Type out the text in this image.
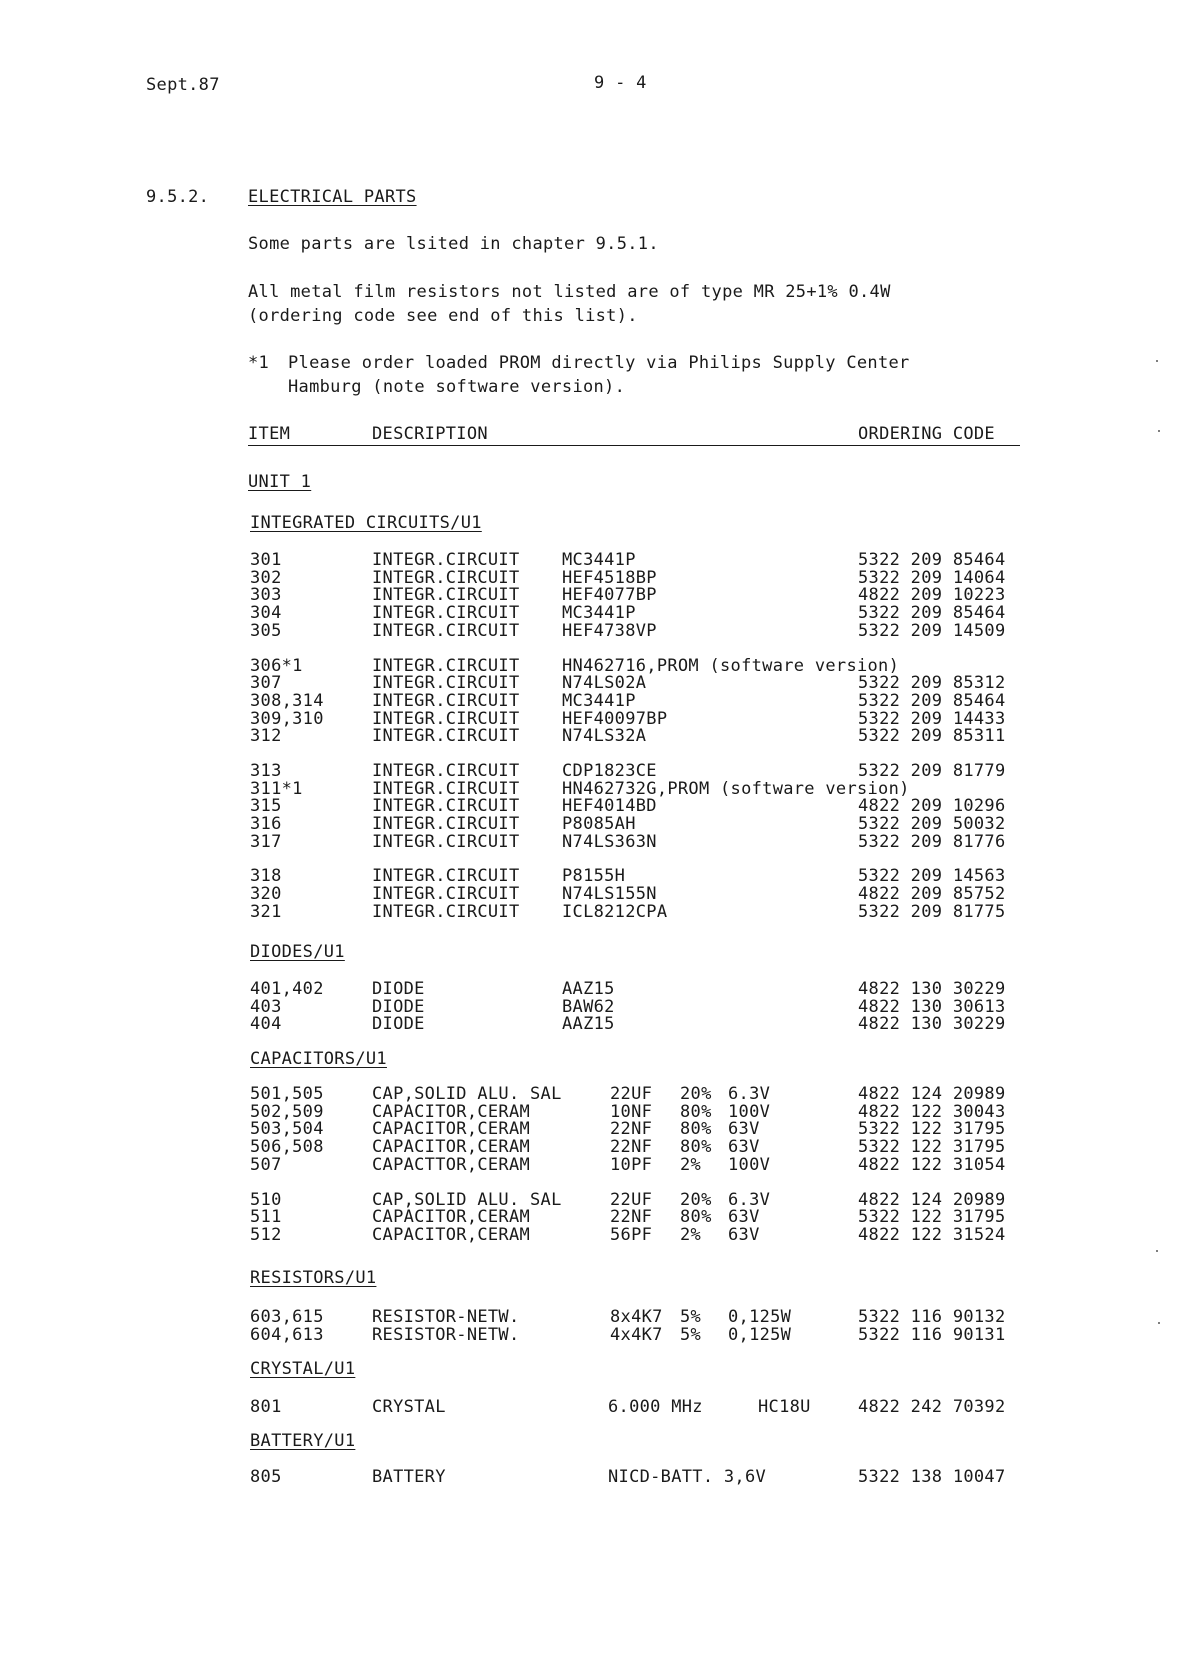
Sept.87	9 - 4
9.5.2. ELECTRICAL PARTS
Some parts are lsited in chapter 9.5.1.
All metal film resistors not listed are of type MR 25+1% 0.4W
(ordering code see end of this list).
*1 Please order loaded PROM directly via Philips Supply Center
Hamburg (note software version).
ITEM	DESCRIPTION	ORDERING CODE
UNIT 1
INTEGRATED CIRCUITS/U1
301	INTEGR.CIRCUIT	MC3441P	5322 209 85464
302	INTEGR.CIRCUIT	HEF4518BP	5322 209 14064
303	INTEGR.CIRCUIT	HEF4077BP	4822 209 10223
304	INTEGR.CIRCUIT	MC3441P	5322 209 85464
305	INTEGR.CIRCUIT	HEF4738VP	5322 209 14509
306*1	INTEGR.CIRCUIT	HN462716,PROM (software version)
307	INTEGR.CIRCUIT	N74LS02A	5322 209 85312
308,314	INTEGR.CIRCUIT	MC3441P	5322 209 85464
309,310	INTEGR.CIRCUIT	HEF40097BP	5322 209 14433
312	INTEGR.CIRCUIT	N74LS32A	5322 209 85311
313	INTEGR.CIRCUIT	CDP1823CE	5322 209 81779
311*1	INTEGR.CIRCUIT	HN462732G,PROM (software version)
315	INTEGR.CIRCUIT	HEF4014BD	4822 209 10296
316	INTEGR.CIRCUIT	P8085AH	5322 209 50032
317	INTEGR.CIRCUIT	N74LS363N	5322 209 81776
318	INTEGR.CIRCUIT	P8155H	5322 209 14563
320	INTEGR.CIRCUIT	N74LS155N	4822 209 85752
321	INTEGR.CIRCUIT	ICL8212CPA	5322 209 81775
DIODES/U1
401,402	DIODE	AAZ15	4822 130 30229
403	DIODE	BAW62	4822 130 30613
404	DIODE	AAZ15	4822 130 30229
CAPACITORS/U1
501,505	CAP,SOLID ALU. SAL	22UF 20% 6.3V	4822 124 20989
502,509	CAPACITOR,CERAM	10NF 80% 100V	4822 122 30043
503,504	CAPACITOR,CERAM	22NF 80% 63V	5322 122 31795
506,508	CAPACITOR,CERAM	22NF 80% 63V	5322 122 31795
507	CAPACTTOR,CERAM	10PF 2% 100V	4822 122 31054
510	CAP,SOLID ALU. SAL	22UF 20% 6.3V	4822 124 20989
511	CAPACITOR,CERAM	22NF 80% 63V	5322 122 31795
512	CAPACITOR,CERAM	56PF 2% 63V	4822 122 31524
RESISTORS/U1
603,615	RESISTOR-NETW.	8x4K7 5% 0,125W	5322 116 90132
604,613	RESISTOR-NETW.	4x4K7 5% 0,125W	5322 116 90131
CRYSTAL/U1
801	CRYSTAL	6.000 MHz	HC18U	4822 242 70392
BATTERY/U1
805	BATTERY	NICD-BATT. 3,6V	5322 138 10047
